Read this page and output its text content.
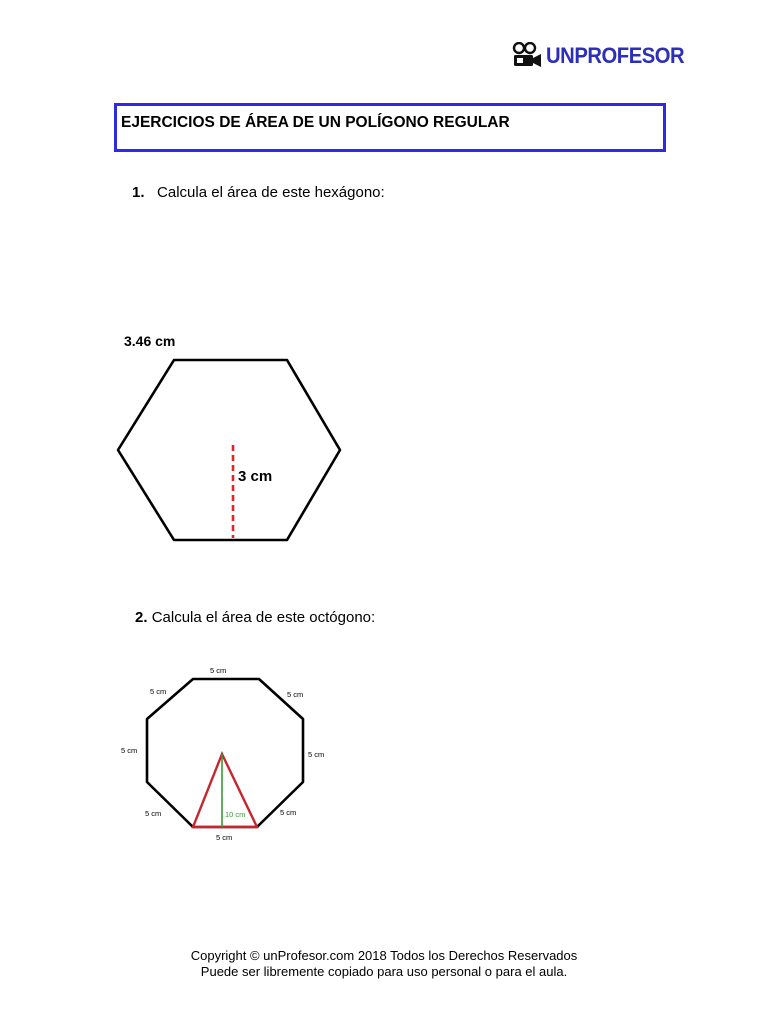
UNPROFESOR
EJERCICIOS DE ÁREA DE UN POLÍGONO REGULAR
1. Calcula el área de este hexágono:
3.46 cm
3 cm
2. Calcula el área de este octógono:
5 cm
5 cm	5 cm
5 cm	5 cm
5 cm	5 cm
5 cm
10 cm
Copyright © unProfesor.com 2018 Todos los Derechos Reservados
Puede ser libremente copiado para uso personal o para el aula.
